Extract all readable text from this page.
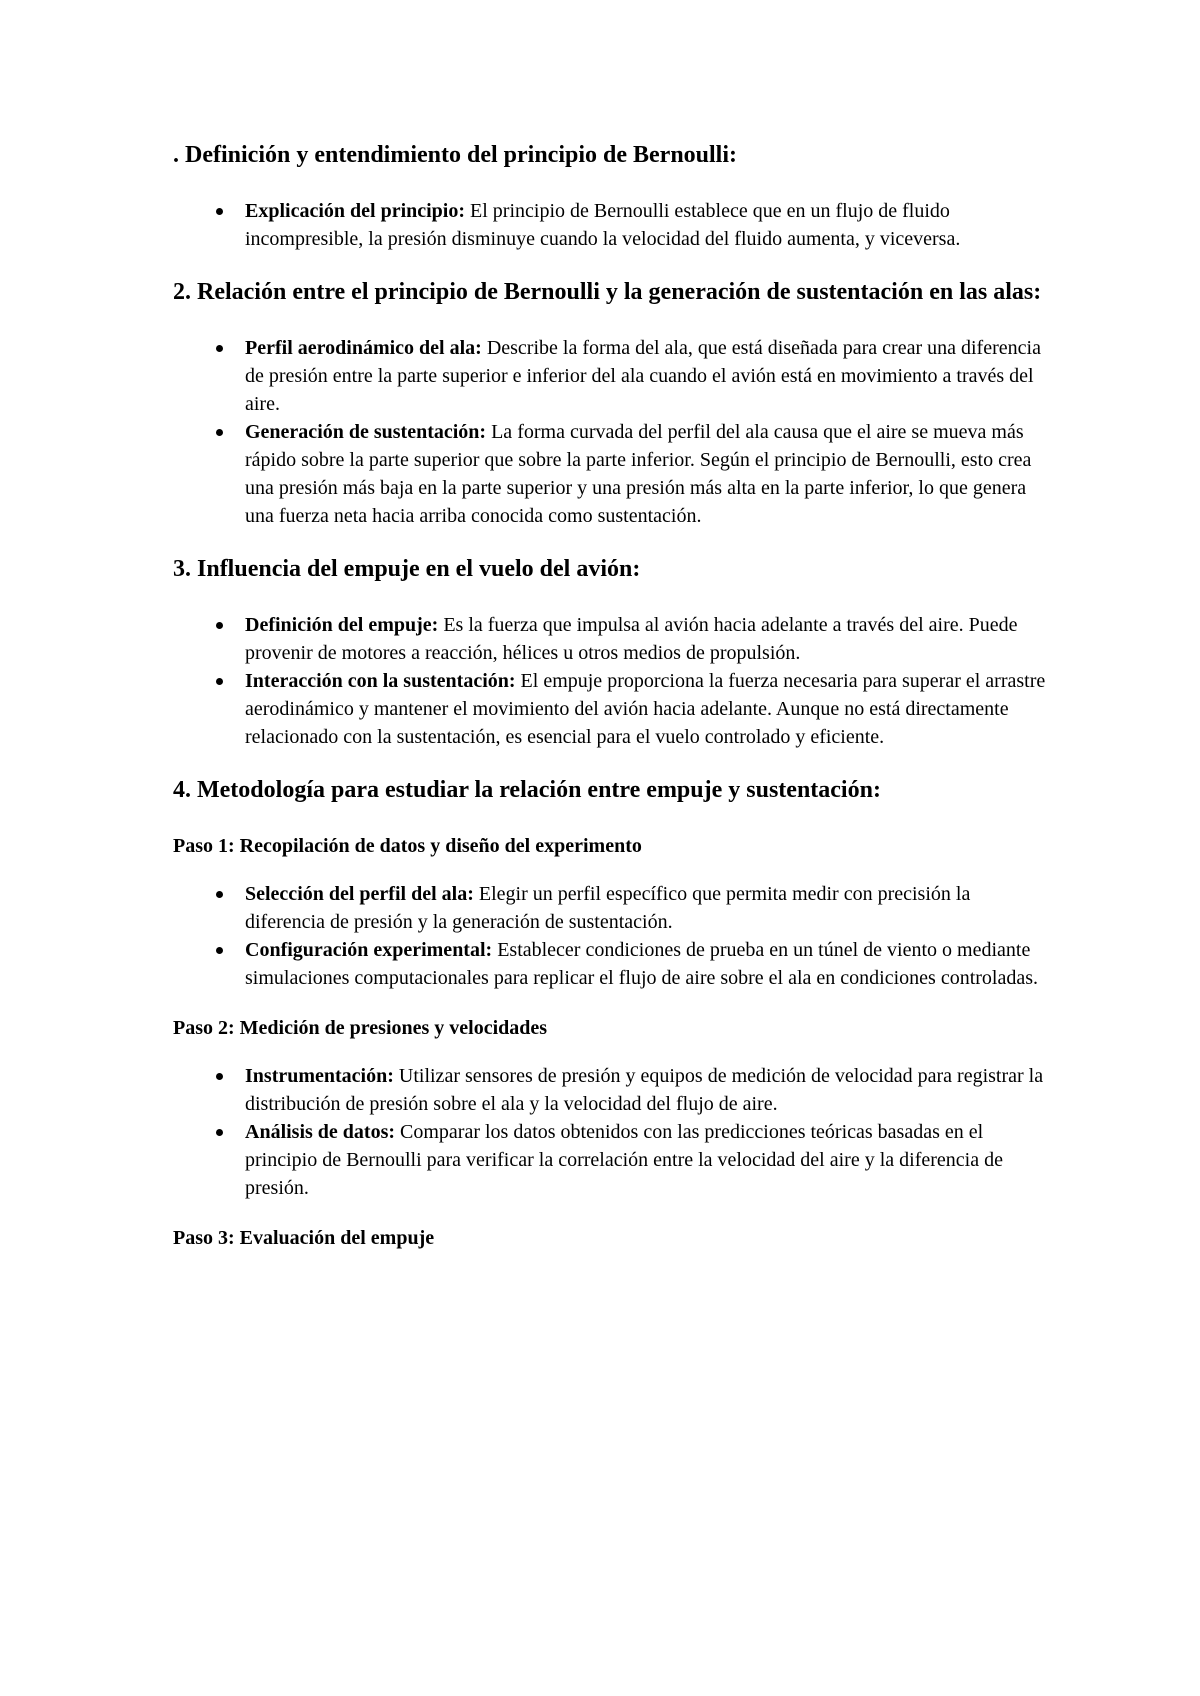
. Definición y entendimiento del principio de Bernoulli:
Explicación del principio: El principio de Bernoulli establece que en un flujo de fluido incompresible, la presión disminuye cuando la velocidad del fluido aumenta, y viceversa.
2. Relación entre el principio de Bernoulli y la generación de sustentación en las alas:
Perfil aerodinámico del ala: Describe la forma del ala, que está diseñada para crear una diferencia de presión entre la parte superior e inferior del ala cuando el avión está en movimiento a través del aire.
Generación de sustentación: La forma curvada del perfil del ala causa que el aire se mueva más rápido sobre la parte superior que sobre la parte inferior. Según el principio de Bernoulli, esto crea una presión más baja en la parte superior y una presión más alta en la parte inferior, lo que genera una fuerza neta hacia arriba conocida como sustentación.
3. Influencia del empuje en el vuelo del avión:
Definición del empuje: Es la fuerza que impulsa al avión hacia adelante a través del aire. Puede provenir de motores a reacción, hélices u otros medios de propulsión.
Interacción con la sustentación: El empuje proporciona la fuerza necesaria para superar el arrastre aerodinámico y mantener el movimiento del avión hacia adelante. Aunque no está directamente relacionado con la sustentación, es esencial para el vuelo controlado y eficiente.
4. Metodología para estudiar la relación entre empuje y sustentación:
Paso 1: Recopilación de datos y diseño del experimento
Selección del perfil del ala: Elegir un perfil específico que permita medir con precisión la diferencia de presión y la generación de sustentación.
Configuración experimental: Establecer condiciones de prueba en un túnel de viento o mediante simulaciones computacionales para replicar el flujo de aire sobre el ala en condiciones controladas.
Paso 2: Medición de presiones y velocidades
Instrumentación: Utilizar sensores de presión y equipos de medición de velocidad para registrar la distribución de presión sobre el ala y la velocidad del flujo de aire.
Análisis de datos: Comparar los datos obtenidos con las predicciones teóricas basadas en el principio de Bernoulli para verificar la correlación entre la velocidad del aire y la diferencia de presión.
Paso 3: Evaluación del empuje
